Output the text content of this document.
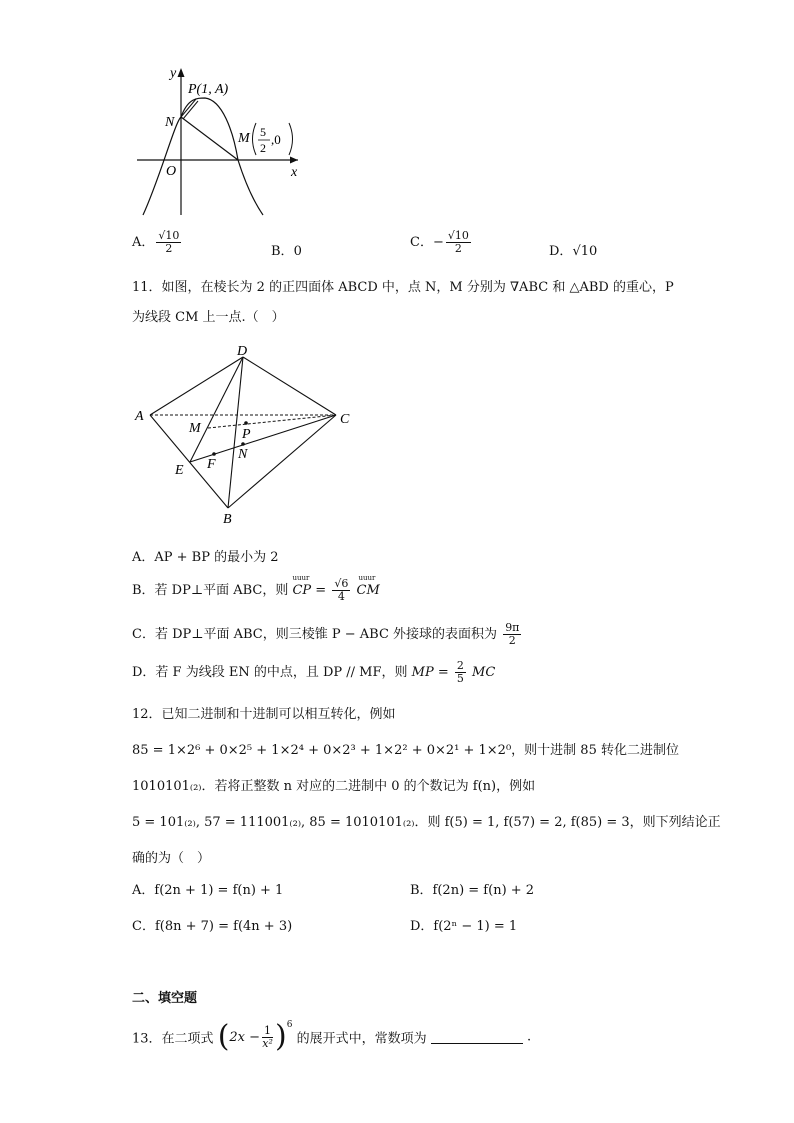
y
x
O
N
P(1, A)
M 5
2
,0
A． $\frac{√10}{2}$	B．0
C．− $\frac{√10}{2}$	D．√10
11．如图，在棱长为 2 的正四面体 ABCD 中，点 N，M 分别为 ∇ABC 和 △ABD 的重心，P
为线段 CM 上一点.（　）
D
A	C
B
E
M	P
N
F
A．AP + BP 的最小为 2
B．若 DP⊥平面 ABC，则
uuur
CP = $\frac{√6}{4}$
uuur
CM
C．若 DP⊥平面 ABC，则三棱锥 P − ABC 外接球的表面积为 $\frac{9\pi}{2}$
D．若 F 为线段 EN 的中点，且 DP // MF，则 MP = $\frac{2}{5}$ MC
12．已知二进制和十进制可以相互转化，例如
85 = 1×2⁶ + 0×2⁵ + 1×2⁴ + 0×2³ + 1×2² + 0×2¹ + 1×2⁰，则十进制 85 转化二进制位
1010101₍₂₎．若将正整数 n 对应的二进制中 0 的个数记为 f(n)，例如
5 = 101₍₂₎, 57 = 111001₍₂₎, 85 = 1010101₍₂₎．则 f(5) = 1, f(57) = 2, f(85) = 3，则下列结论正
确的为（　）
A．f(2n + 1) = f(n) + 1	B．f(2n) = f(n) + 2
C．f(8n + 7) = f(4n + 3)	D．f(2ⁿ − 1) = 1
二、填空题
13．在二项式 ( $2x - \frac{1}{\text{x²}}$ ) 6
的展开式中，常数项为	.
